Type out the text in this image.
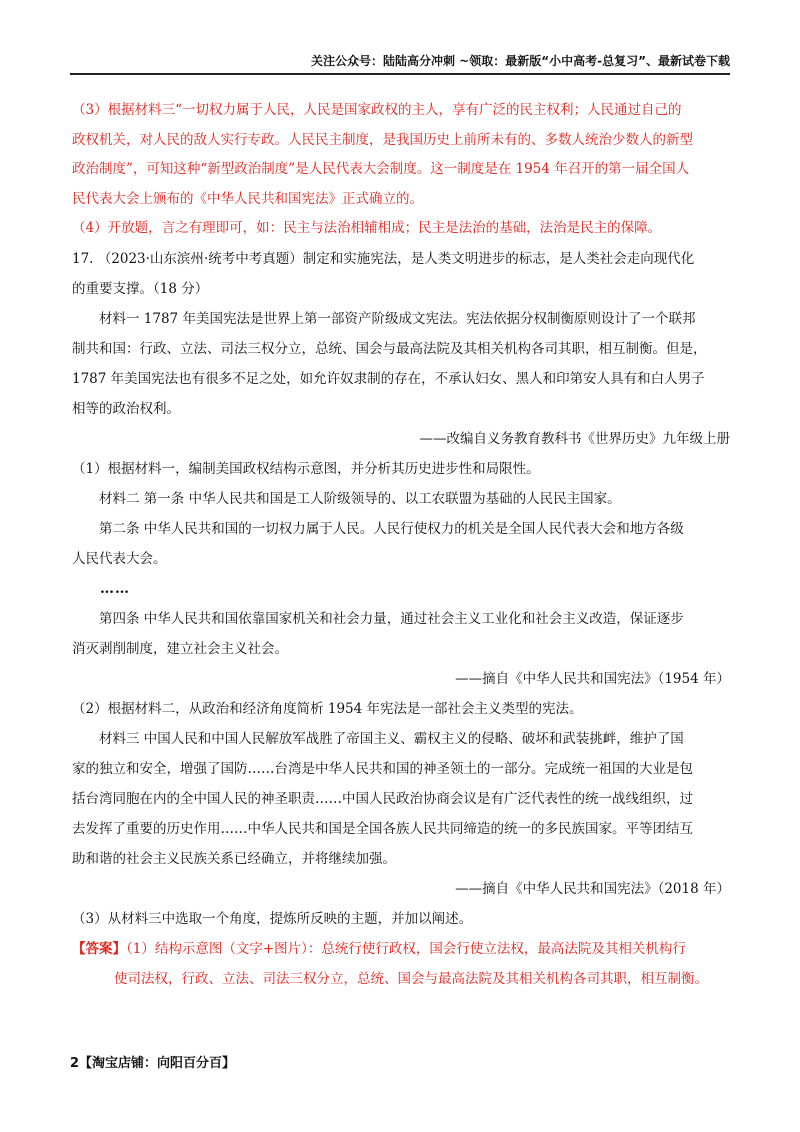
关注公众号：陆陆高分冲刺 ~领取：最新版“小中高考-总复习”、最新试卷下载

（3）根据材料三“一切权力属于人民，人民是国家政权的主人，享有广泛的民主权利；人民通过自己的

政权机关，对人民的敌人实行专政。人民民主制度，是我国历史上前所未有的、多数人统治少数人的新型

政治制度”，可知这种“新型政治制度”是人民代表大会制度。这一制度是在 1954 年召开的第一届全国人

民代表大会上颁布的《中华人民共和国宪法》正式确立的。

（4）开放题，言之有理即可，如：民主与法治相辅相成；民主是法治的基础，法治是民主的保障。

17. （2023·山东滨州·统考中考真题）制定和实施宪法，是人类文明进步的标志，是人类社会走向现代化

的重要支撑。（18 分）

材料一 1787 年美国宪法是世界上第一部资产阶级成文宪法。宪法依据分权制衡原则设计了一个联邦

制共和国：行政、立法、司法三权分立，总统、国会与最高法院及其相关机构各司其职，相互制衡。但是，

1787 年美国宪法也有很多不足之处，如允许奴隶制的存在，不承认妇女、黑人和印第安人具有和白人男子

相等的政治权利。

——改编自义务教育教科书《世界历史》九年级上册

（1）根据材料一，编制美国政权结构示意图，并分析其历史进步性和局限性。

材料二 第一条 中华人民共和国是工人阶级领导的、以工农联盟为基础的人民民主国家。

第二条 中华人民共和国的一切权力属于人民。人民行使权力的机关是全国人民代表大会和地方各级

人民代表大会。

……

第四条 中华人民共和国依靠国家机关和社会力量，通过社会主义工业化和社会主义改造，保证逐步

消灭剥削制度，建立社会主义社会。

——摘自《中华人民共和国宪法》（1954 年）

（2）根据材料二，从政治和经济角度简析 1954 年宪法是一部社会主义类型的宪法。

材料三 中国人民和中国人民解放军战胜了帝国主义、霸权主义的侵略、破坏和武装挑衅，维护了国

家的独立和安全，增强了国防……台湾是中华人民共和国的神圣领土的一部分。完成统一祖国的大业是包

括台湾同胞在内的全中国人民的神圣职责……中国人民政治协商会议是有广泛代表性的统一战线组织，过

去发挥了重要的历史作用……中华人民共和国是全国各族人民共同缔造的统一的多民族国家。平等团结互

助和谐的社会主义民族关系已经确立，并将继续加强。

——摘自《中华人民共和国宪法》（2018 年）

（3）从材料三中选取一个角度，提炼所反映的主题，并加以阐述。

【答案】（1）结构示意图（文字+图片）：总统行使行政权，国会行使立法权，最高法院及其相关机构行

使司法权，行政、立法、司法三权分立，总统、国会与最高法院及其相关机构各司其职，相互制衡。

2【淘宝店铺：向阳百分百】
